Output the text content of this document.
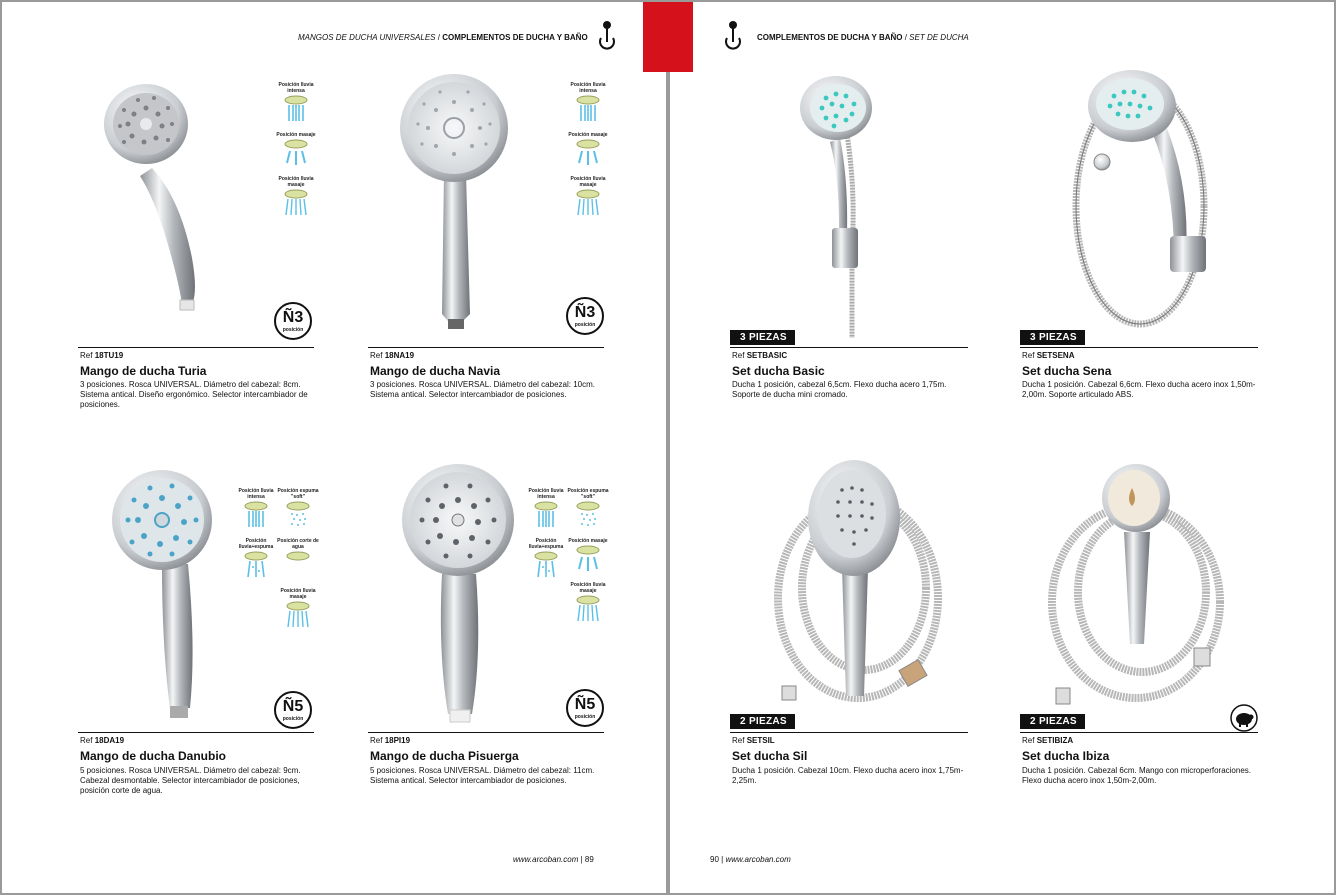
MANGOS DE DUCHA UNIVERSALES / COMPLEMENTOS DE DUCHA Y BAÑO
Posición lluvia intensa
Posición masaje
Posición lluvia masaje
Ñ3
posición
Ref 18TU19
Mango de ducha Turia
3 posiciones. Rosca UNIVERSAL. Diámetro del cabezal: 8cm. Sistema antical. Diseño ergonómico. Selector intercambiador de posiciones.
Posición lluvia intensa
Posición masaje
Posición lluvia masaje
Ñ3
posición
Ref 18NA19
Mango de ducha Navia
3 posiciones. Rosca UNIVERSAL. Diámetro del cabezal: 10cm. Sistema antical. Selector intercambiador de posiciones.
Posición lluvia intensa
Posición lluvia+espuma
Posición espuma "soft"
Posición corte de agua
Posición lluvia masaje
Ñ5
posición
Ref 18DA19
Mango de ducha Danubio
5 posiciones. Rosca UNIVERSAL. Diámetro del cabezal: 9cm. Cabezal desmontable. Selector intercambiador de posiciones, posición corte de agua.
Posición lluvia intensa
Posición lluvia+espuma
Posición espuma "soft"
Posición masaje
Posición lluvia masaje
Ñ5
posición
Ref 18PI19
Mango de ducha Pisuerga
5 posiciones. Rosca UNIVERSAL. Diámetro del cabezal: 11cm. Sistema antical. Selector intercambiador de posiciones.
www.arcoban.com | 89
COMPLEMENTOS DE DUCHA Y BAÑO / SET DE DUCHA
3 PIEZAS
Ref SETBASIC
Set ducha Basic
Ducha 1 posición, cabezal 6,5cm. Flexo ducha acero 1,75m. Soporte de ducha mini cromado.
3 PIEZAS
Ref SETSENA
Set ducha Sena
Ducha 1 posición. Cabezal 6,6cm. Flexo ducha acero inox 1,50m-2,00m. Soporte articulado ABS.
2 PIEZAS
Ref SETSIL
Set ducha Sil
Ducha 1 posición. Cabezal 10cm. Flexo ducha acero inox 1,75m-2,25m.
2 PIEZAS
Ref SETIBIZA
Set ducha Ibiza
Ducha 1 posición. Cabezal 6cm. Mango con microperforaciones. Flexo ducha acero inox 1,50m-2,00m.
90 | www.arcoban.com
